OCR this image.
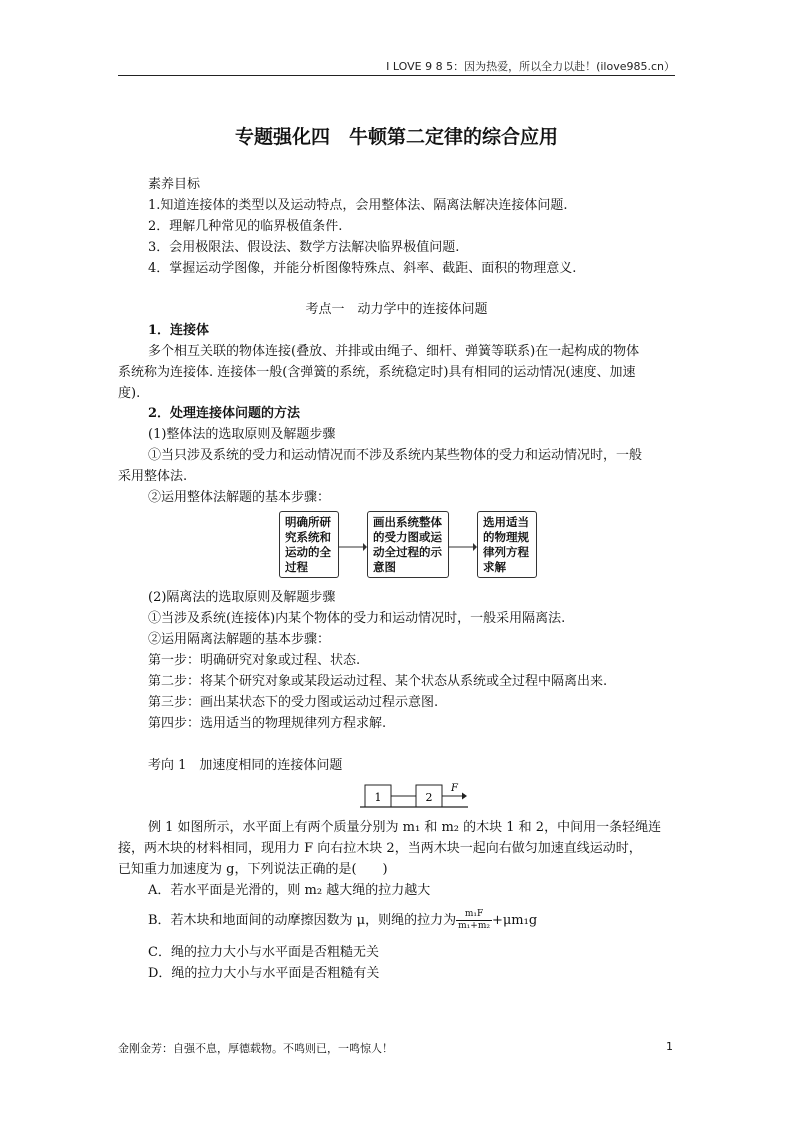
I LOVE 9 8 5：因为热爱，所以全力以赴！(ilove985.cn）
专题强化四　牛顿第二定律的综合应用
素养目标
1.知道连接体的类型以及运动特点，会用整体法、隔离法解决连接体问题.
2．理解几种常见的临界极值条件.
3．会用极限法、假设法、数学方法解决临界极值问题.
4．掌握运动学图像，并能分析图像特殊点、斜率、截距、面积的物理意义.
考点一　动力学中的连接体问题
1．连接体
多个相互关联的物体连接(叠放、并排或由绳子、细杆、弹簧等联系)在一起构成的物体
系统称为连接体. 连接体一般(含弹簧的系统，系统稳定时)具有相同的运动情况(速度、加速
度).
2．处理连接体问题的方法
(1)整体法的选取原则及解题步骤
①当只涉及系统的受力和运动情况而不涉及系统内某些物体的受力和运动情况时，一般
采用整体法.
②运用整体法解题的基本步骤：
明确所研
究系统和
运动的全
过程
画出系统整体
的受力图或运
动全过程的示
意图
选用适当
的物理规
律列方程
求解
(2)隔离法的选取原则及解题步骤
①当涉及系统(连接体)内某个物体的受力和运动情况时，一般采用隔离法.
②运用隔离法解题的基本步骤：
第一步：明确研究对象或过程、状态.
第二步：将某个研究对象或某段运动过程、某个状态从系统或全过程中隔离出来.
第三步：画出某状态下的受力图或运动过程示意图.
第四步：选用适当的物理规律列方程求解.
考向 1　加速度相同的连接体问题
1	2
F
例 1 如图所示，水平面上有两个质量分别为 m₁ 和 m₂ 的木块 1 和 2，中间用一条轻绳连
接，两木块的材料相同，现用力 F 向右拉木块 2，当两木块一起向右做匀加速直线运动时，
已知重力加速度为 g，下列说法正确的是(　　)
A．若水平面是光滑的，则 m₂ 越大绳的拉力越大
B．若木块和地面间的动摩擦因数为 μ，则绳的拉力为 $\frac{\text{m₁F}}{\text{m₁+m₂}} +\mu m_1g$
C．绳的拉力大小与水平面是否粗糙无关
D．绳的拉力大小与水平面是否粗糙有关
金刚金芳：自强不息，厚德载物。不鸣则已，一鸣惊人！	1
